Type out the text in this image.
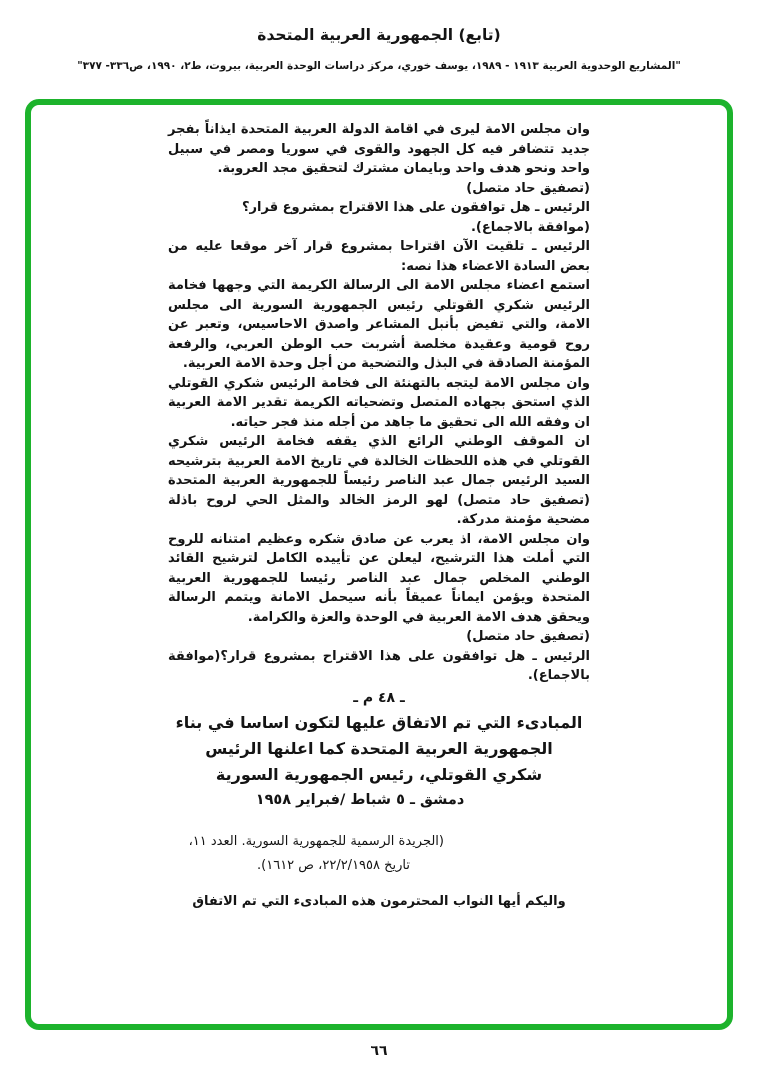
(تابع) الجمهورية العربية المتحدة
"المشاريع الوحدوية العربية ١٩١٣ - ١٩٨٩، يوسف خوري، مركز دراسات الوحدة العربية، بيروت، ط٢، ١٩٩٠، ص٣٣٦- ٣٧٧"

وان مجلس الامة ليرى في اقامة الدولة العربية المتحدة ايذاناً بفجر جديد تتضافر فيه كل الجهود والقوى في سوريا ومصر في سبيل واحد ونحو هدف واحد وبايمان مشترك لتحقيق مجد العروبة.

(تصفيق حاد متصل)

الرئيس ـ هل توافقون على هذا الاقتراح بمشروع قرار؟

(موافقة بالاجماع).

الرئيس ـ تلقيت الآن اقتراحا بمشروع قرار آخر موقعا عليه من بعض السادة الاعضاء هذا نصه:

استمع اعضاء مجلس الامة الى الرسالة الكريمة التي وجهها فخامة الرئيس شكري القوتلي رئيس الجمهورية السورية الى مجلس الامة، والتي تفيض بأنبل المشاعر واصدق الاحاسيس، وتعبر عن روح قومية وعقيدة مخلصة أشربت حب الوطن العربي، والرفعة المؤمنة الصادقة في البذل والتضحية من أجل وحدة الامة العربية.

وان مجلس الامة ليتجه بالتهنئة الى فخامة الرئيس شكري القوتلي الذي استحق بجهاده المتصل وتضحياته الكريمة تقدير الامة العربية ان وفقه الله الى تحقيق ما جاهد من أجله منذ فجر حياته.

ان الموقف الوطني الرائع الذي يقفه فخامة الرئيس شكري القوتلي في هذه اللحظات الخالدة في تاريخ الامة العربية بترشيحه السيد الرئيس جمال عبد الناصر رئيساً للجمهورية العربية المتحدة (تصفيق حاد متصل) لهو الرمز الخالد والمثل الحي لروح باذلة مضحية مؤمنة مدركة.

وان مجلس الامة، اذ يعرب عن صادق شكره وعظيم امتنانه للروح التي أملت هذا الترشيح، ليعلن عن تأييده الكامل لترشيح القائد الوطني المخلص جمال عبد الناصر رئيسا للجمهورية العربية المتحدة ويؤمن ايماناً عميقاً بأنه سيحمل الامانة ويتمم الرسالة ويحقق هدف الامة العربية في الوحدة والعزة والكرامة.

(تصفيق حاد متصل)

الرئيس ـ هل توافقون على هذا الاقتراح بمشروع قرار؟(موافقة بالاجماع).

ـ ٤٨ م ـ
المبادىء التي تم الاتفاق عليها لتكون اساسا في بناء
الجمهورية العربية المتحدة كما اعلنها الرئيس
شكري القوتلي، رئيس الجمهورية السورية
دمشق ـ ٥ شباط /فبراير ١٩٥٨
(الجريدة الرسمية للجمهورية السورية. العدد ١١،
تاريخ ٢٢/٢/١٩٥٨، ص ١٦١٢).
واليكم أيها النواب المحترمون هذه المبادىء التي تم الاتفاق
٦٦
